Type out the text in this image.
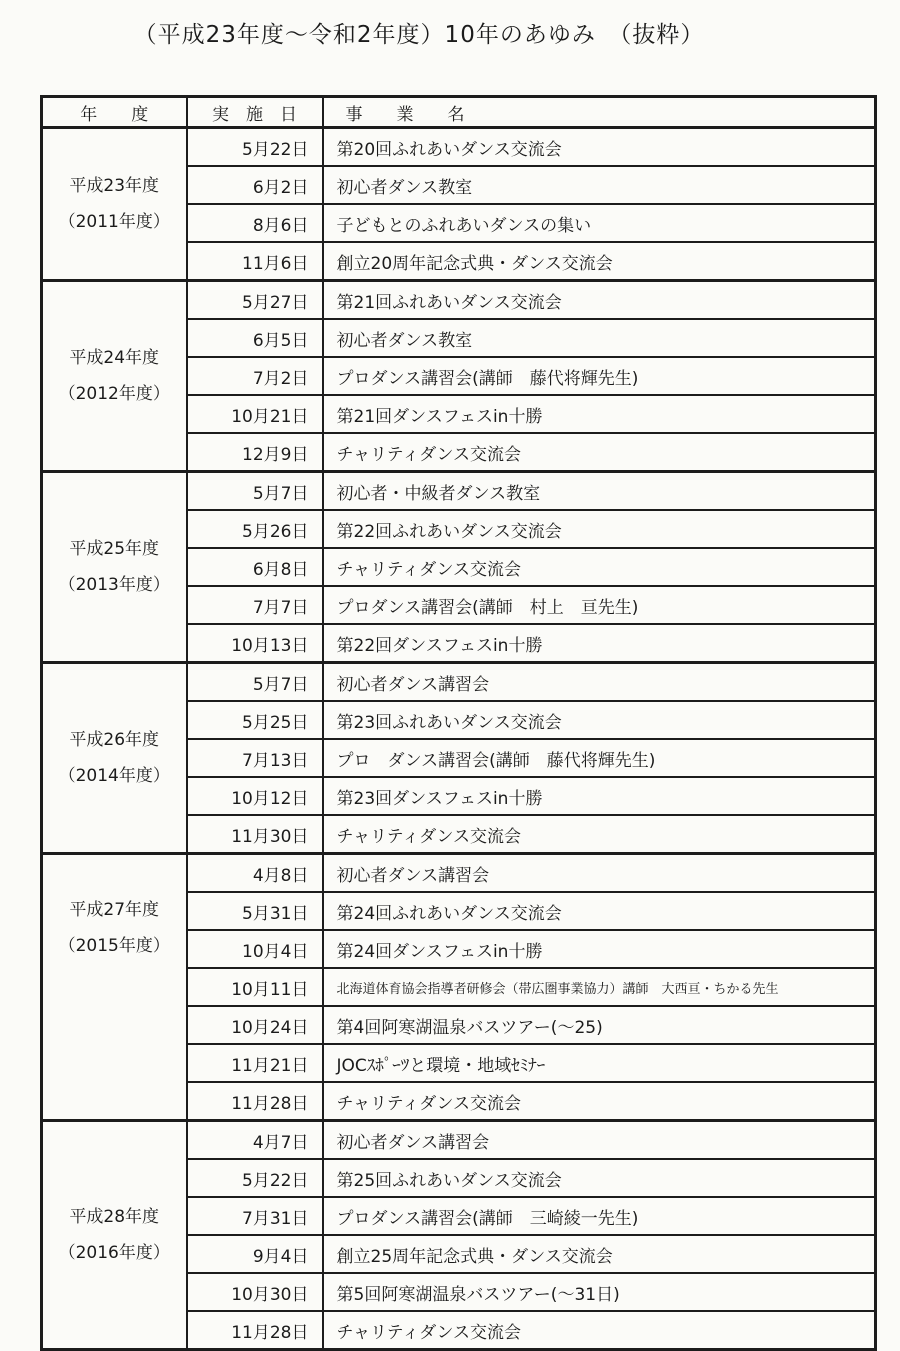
（平成23年度～令和2年度）10年のあゆみ　（抜粋）
年　　度	実　施　日	事　　業　　名

平成23年度
（2011年度）	5月22日	第20回ふれあいダンス交流会
	6月2日	初心者ダンス教室
	8月6日	子どもとのふれあいダンスの集い
	11月6日	創立20周年記念式典・ダンス交流会

平成24年度
（2012年度）	5月27日	第21回ふれあいダンス交流会
	6月5日	初心者ダンス教室
	7月2日	プロダンス講習会(講師　藤代将輝先生)
	10月21日	第21回ダンスフェスin十勝
	12月9日	チャリティダンス交流会

平成25年度
（2013年度）	5月7日	初心者・中級者ダンス教室
	5月26日	第22回ふれあいダンス交流会
	6月8日	チャリティダンス交流会
	7月7日	プロダンス講習会(講師　村上　亘先生)
	10月13日	第22回ダンスフェスin十勝

平成26年度
（2014年度）	5月7日	初心者ダンス講習会
	5月25日	第23回ふれあいダンス交流会
	7月13日	プロ　ダンス講習会(講師　藤代将輝先生)
	10月12日	第23回ダンスフェスin十勝
	11月30日	チャリティダンス交流会

平成27年度
（2015年度）	4月8日	初心者ダンス講習会
	5月31日	第24回ふれあいダンス交流会
	10月4日	第24回ダンスフェスin十勝
	10月11日	北海道体育協会指導者研修会（帯広圏事業協力）講師　大西亘・ちかる先生
	10月24日	第4回阿寒湖温泉バスツアー(～25)
	11月21日	JOCｽﾎﾟｰﾂと環境・地域ｾﾐﾅｰ
	11月28日	チャリティダンス交流会

平成28年度
（2016年度）	4月7日	初心者ダンス講習会
	5月22日	第25回ふれあいダンス交流会
	7月31日	プロダンス講習会(講師　三崎綾一先生)
	9月4日	創立25周年記念式典・ダンス交流会
	10月30日	第5回阿寒湖温泉バスツアー(～31日)
	11月28日	チャリティダンス交流会
